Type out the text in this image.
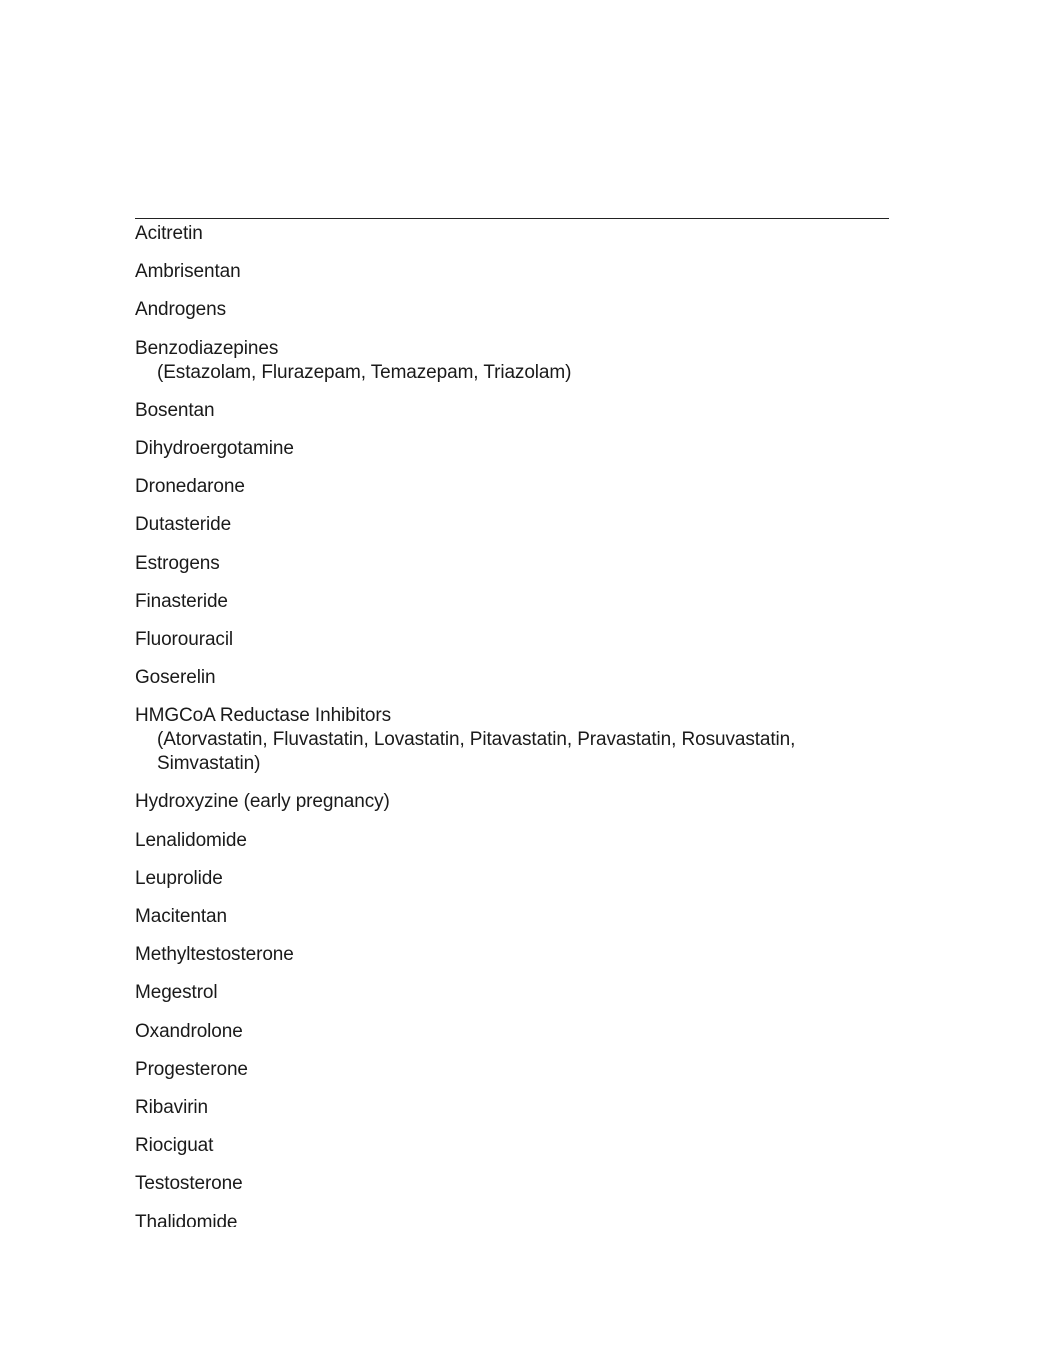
Acitretin
Ambrisentan
Androgens
Benzodiazepines
(Estazolam, Flurazepam, Temazepam, Triazolam)
Bosentan
Dihydroergotamine
Dronedarone
Dutasteride
Estrogens
Finasteride
Fluorouracil
Goserelin
HMGCoA Reductase Inhibitors
(Atorvastatin, Fluvastatin, Lovastatin, Pitavastatin, Pravastatin, Rosuvastatin, Simvastatin)
Hydroxyzine (early pregnancy)
Lenalidomide
Leuprolide
Macitentan
Methyltestosterone
Megestrol
Oxandrolone
Progesterone
Ribavirin
Riociguat
Testosterone
Thalidomide
